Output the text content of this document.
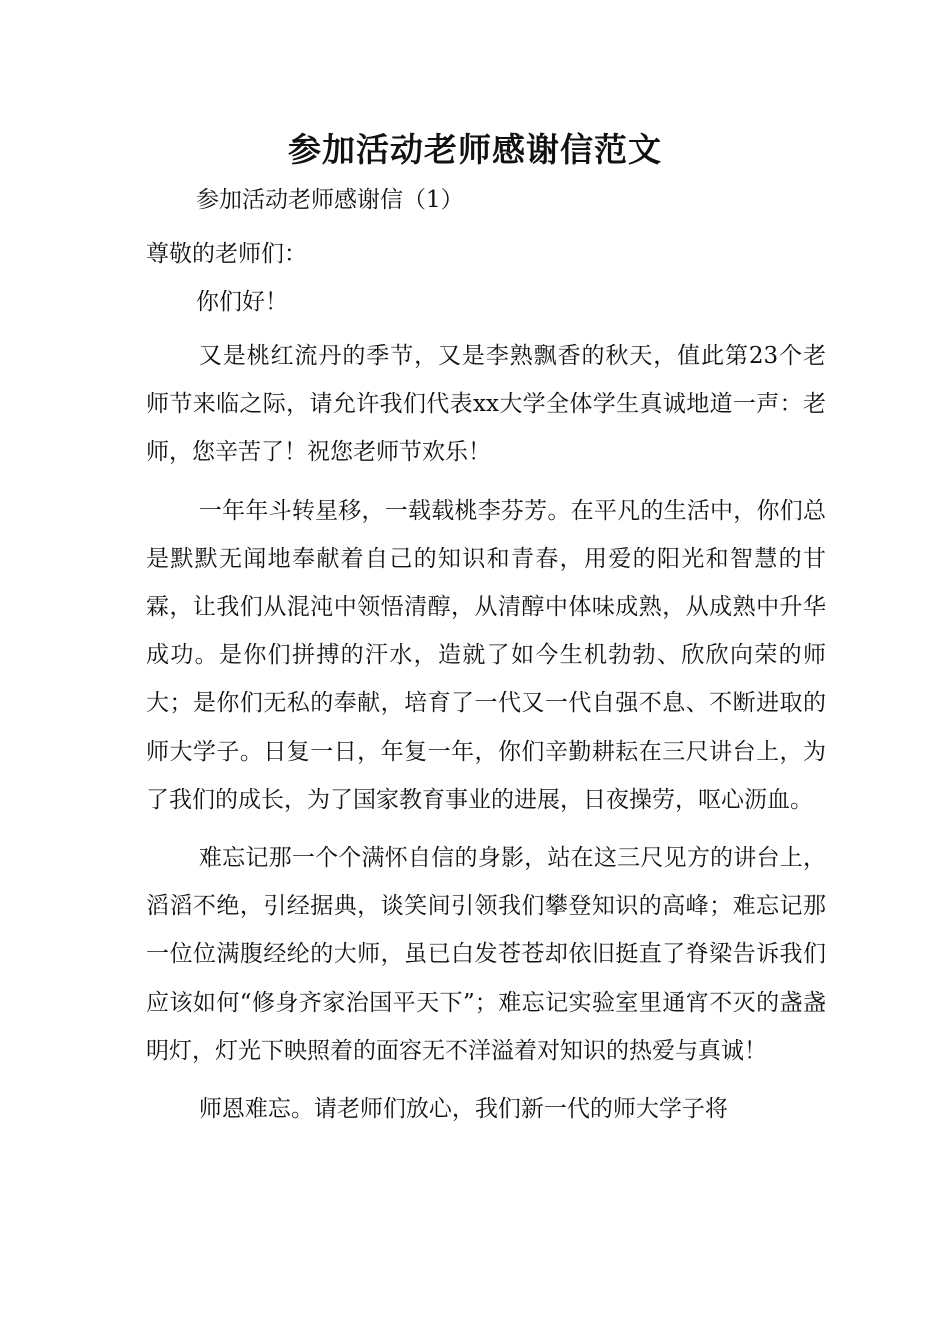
参加活动老师感谢信范文
参加活动老师感谢信（1）
尊敬的老师们：
你们好！

又是桃红流丹的季节，又是李熟飘香的秋天，值此第23个老师节来临之际，请允许我们代表xx大学全体学生真诚地道一声：老师，您辛苦了！祝您老师节欢乐！

一年年斗转星移，一载载桃李芬芳。在平凡的生活中，你们总是默默无闻地奉献着自己的知识和青春，用爱的阳光和智慧的甘霖，让我们从混沌中领悟清醇，从清醇中体味成熟，从成熟中升华成功。是你们拼搏的汗水，造就了如今生机勃勃、欣欣向荣的师大；是你们无私的奉献，培育了一代又一代自强不息、不断进取的师大学子。日复一日，年复一年，你们辛勤耕耘在三尺讲台上，为了我们的成长，为了国家教育事业的进展，日夜操劳，呕心沥血。

难忘记那一个个满怀自信的身影，站在这三尺见方的讲台上，滔滔不绝，引经据典，谈笑间引领我们攀登知识的高峰；难忘记那一位位满腹经纶的大师，虽已白发苍苍却依旧挺直了脊梁告诉我们应该如何“修身齐家治国平天下”；难忘记实验室里通宵不灭的盏盏明灯，灯光下映照着的面容无不洋溢着对知识的热爱与真诚！

师恩难忘。请老师们放心，我们新一代的师大学子将
